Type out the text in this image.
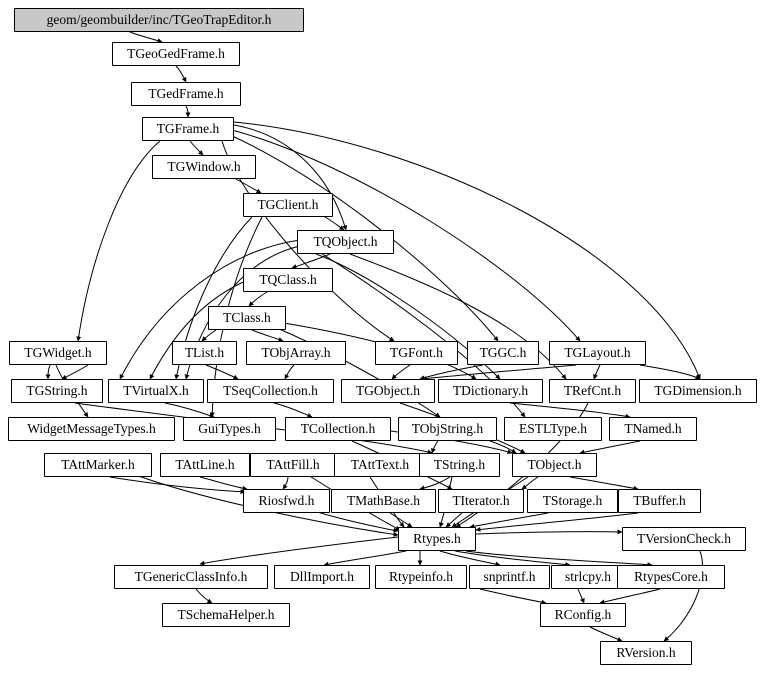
geom/geombuilder/inc/TGeoTrapEditor.h
TGeoGedFrame.h
TGedFrame.h
TGFrame.h
TGWindow.h
TGClient.h
TQObject.h
TQClass.h
TClass.h
TGWidget.h	TList.h	TObjArray.h	TGFont.h	TGGC.h	TGLayout.h
TGString.h	TVirtualX.h	TSeqCollection.h	TGObject.h	TDictionary.h	TRefCnt.h	TGDimension.h
WidgetMessageTypes.h	GuiTypes.h	TCollection.h	TObjString.h	ESTLType.h	TNamed.h
TAttMarker.h	TAttLine.h	TAttFill.h	TAttText.h	TString.h	TObject.h
Riosfwd.h	TMathBase.h	TIterator.h	TStorage.h	TBuffer.h
Rtypes.h	TVersionCheck.h
TGenericClassInfo.h	DllImport.h	Rtypeinfo.h	snprintf.h	strlcpy.h	RtypesCore.h
TSchemaHelper.h	RConfig.h
RVersion.h
